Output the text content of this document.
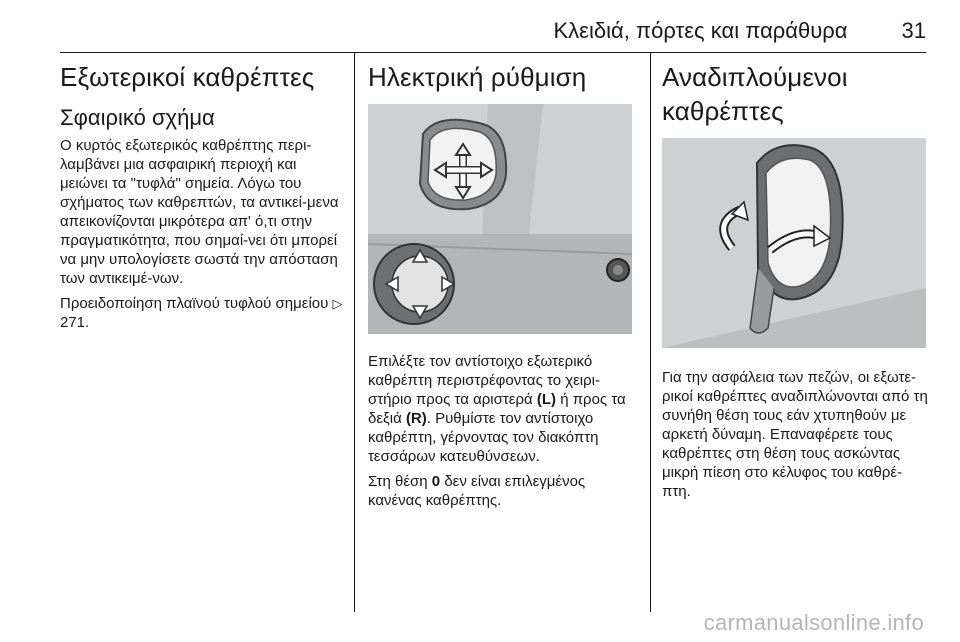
Κλειδιά, πόρτες και παράθυρα 31
Εξωτερικοί καθρέπτες
Σφαιρικό σχήμα

Ο κυρτός εξωτερικός καθρέπτης περι-λαμβάνει μια ασφαιρική περιοχή και μειώνει τα "τυφλά" σημεία. Λόγω του σχήματος των καθρεπτών, τα αντικεί-μενα απεικονίζονται μικρότερα απ' ό,τι στην πραγματικότητα, που σημαί-νει ότι μπορεί να μην υπολογίσετε σωστά την απόσταση των αντικειμέ-νων.

Προειδοποίηση πλαϊνού τυφλού σημείου ▷ 271.

Ηλεκτρική ρύθμιση

Επιλέξτε τον αντίστοιχο εξωτερικό καθρέπτη περιστρέφοντας το χειρι-στήριο προς τα αριστερά (L) ή προς τα δεξιά (R). Ρυθμίστε τον αντίστοιχο καθρέπτη, γέρνοντας τον διακόπτη τεσσάρων κατευθύνσεων.

Στη θέση 0 δεν είναι επιλεγμένος κανένας καθρέπτης.

Αναδιπλούμενοι καθρέπτες

Για την ασφάλεια των πεζών, οι εξωτε-ρικοί καθρέπτες αναδιπλώνονται από τη συνήθη θέση τους εάν χτυπηθούν με αρκετή δύναμη. Επαναφέρετε τους καθρέπτες στη θέση τους ασκώντας μικρή πίεση στο κέλυφος του καθρέ-πτη.

carmanualsonline.info
